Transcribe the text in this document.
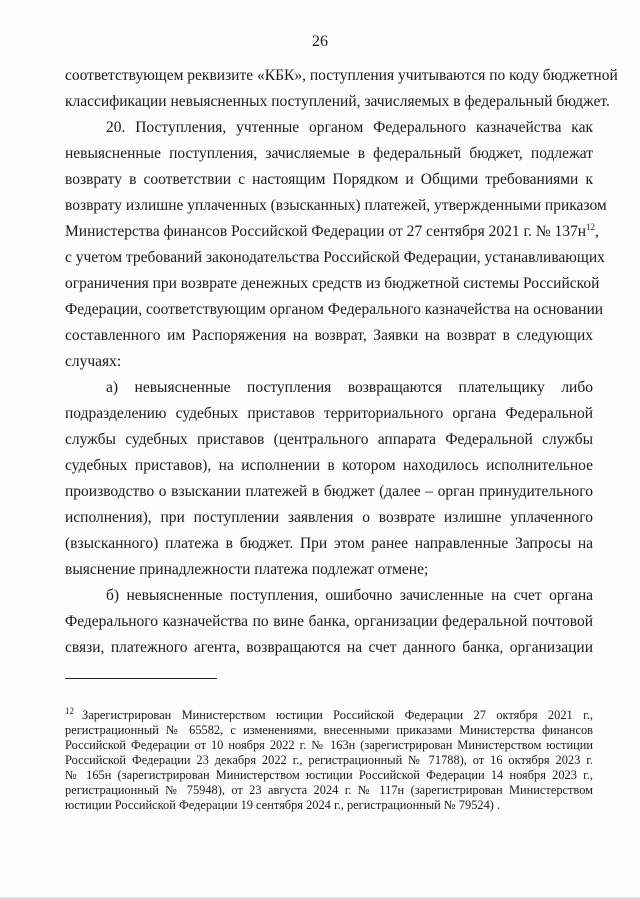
26
соответствующем реквизите «КБК», поступления учитываются по коду бюджетной
классификации невыясненных поступлений, зачисляемых в федеральный бюджет.
20. Поступления, учтенные органом Федерального казначейства как
невыясненные поступления, зачисляемые в федеральный бюджет, подлежат
возврату в соответствии с настоящим Порядком и Общими требованиями к
возврату излишне уплаченных (взысканных) платежей, утвержденными приказом
Министерства финансов Российской Федерации от 27 сентября 2021 г. № $137н^{12}$,
с учетом требований законодательства Российской Федерации, устанавливающих
ограничения при возврате денежных средств из бюджетной системы Российской
Федерации, соответствующим органом Федерального казначейства на основании
составленного им Распоряжения на возврат, Заявки на возврат в следующих
случаях:
а) невыясненные поступления возвращаются плательщику либо
подразделению судебных приставов территориального органа Федеральной
службы судебных приставов (центрального аппарата Федеральной службы
судебных приставов), на исполнении в котором находилось исполнительное
производство о взыскании платежей в бюджет (далее – орган принудительного
исполнения), при поступлении заявления о возврате излишне уплаченного
(взысканного) платежа в бюджет. При этом ранее направленные Запросы на
выяснение принадлежности платежа подлежат отмене;
б) невыясненные поступления, ошибочно зачисленные на счет органа
Федерального казначейства по вине банка, организации федеральной почтовой
связи, платежного агента, возвращаются на счет данного банка, организации
12 Зарегистрирован Министерством юстиции Российской Федерации 27 октября 2021 г.,
регистрационный № 65582, с изменениями, внесенными приказами Министерства финансов
Российской Федерации от 10 ноября 2022 г. № 163н (зарегистрирован Министерством юстиции
Российской Федерации 23 декабря 2022 г., регистрационный № 71788), от 16 октября 2023 г.
№ 165н (зарегистрирован Министерством юстиции Российской Федерации 14 ноября 2023 г.,
регистрационный № 75948), от 23 августа 2024 г. № 117н (зарегистрирован Министерством
юстиции Российской Федерации 19 сентября 2024 г., регистрационный № 79524) .
